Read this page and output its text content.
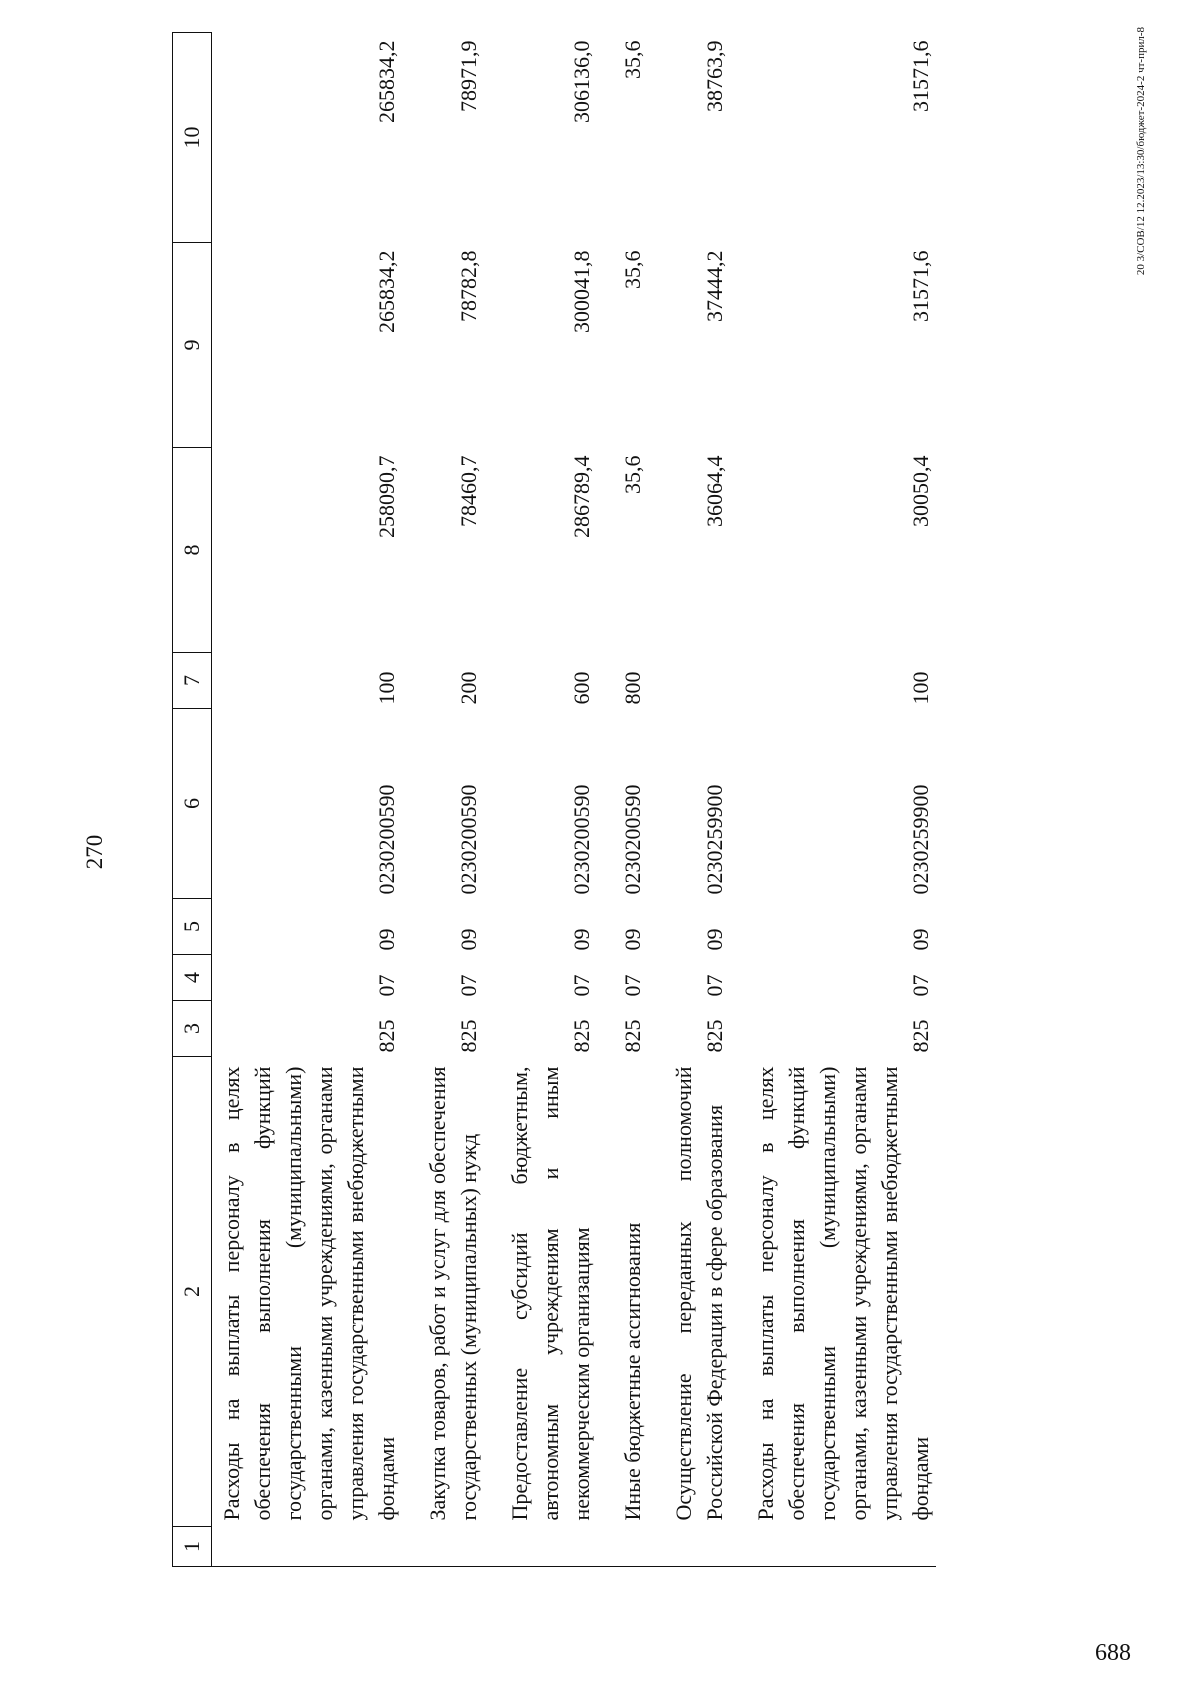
270
1	2	3	4	5	6	7	8	9	10
	Расходы на выплаты персоналу в целях обеспечения выполнения функций государственными (муниципальными) органами, казенными учреждениями, органами управления государственными внебюджетными фондами	825	07	09	0230200590	100	258090,7	265834,2	265834,2
	Закупка товаров, работ и услуг для обеспечения государственных (муниципальных) нужд	825	07	09	0230200590	200	78460,7	78782,8	78971,9
	Предоставление субсидий бюджетным, автономным учреждениям и иным некоммерческим организациям	825	07	09	0230200590	600	286789,4	300041,8	306136,0
	Иные бюджетные ассигнования	825	07	09	0230200590	800	35,6	35,6	35,6
	Осуществление переданных полномочий Российской Федерации в сфере образования	825	07	09	0230259900		36064,4	37444,2	38763,9
	Расходы на выплаты персоналу в целях обеспечения выполнения функций государственными (муниципальными) органами, казенными учреждениями, органами управления государственными внебюджетными фондами	825	07	09	0230259900	100	30050,4	31571,6	31571,6	20 3/СОВ/12 12.2023/13:30/бюджет-2024-2 чт-прил-8
688
